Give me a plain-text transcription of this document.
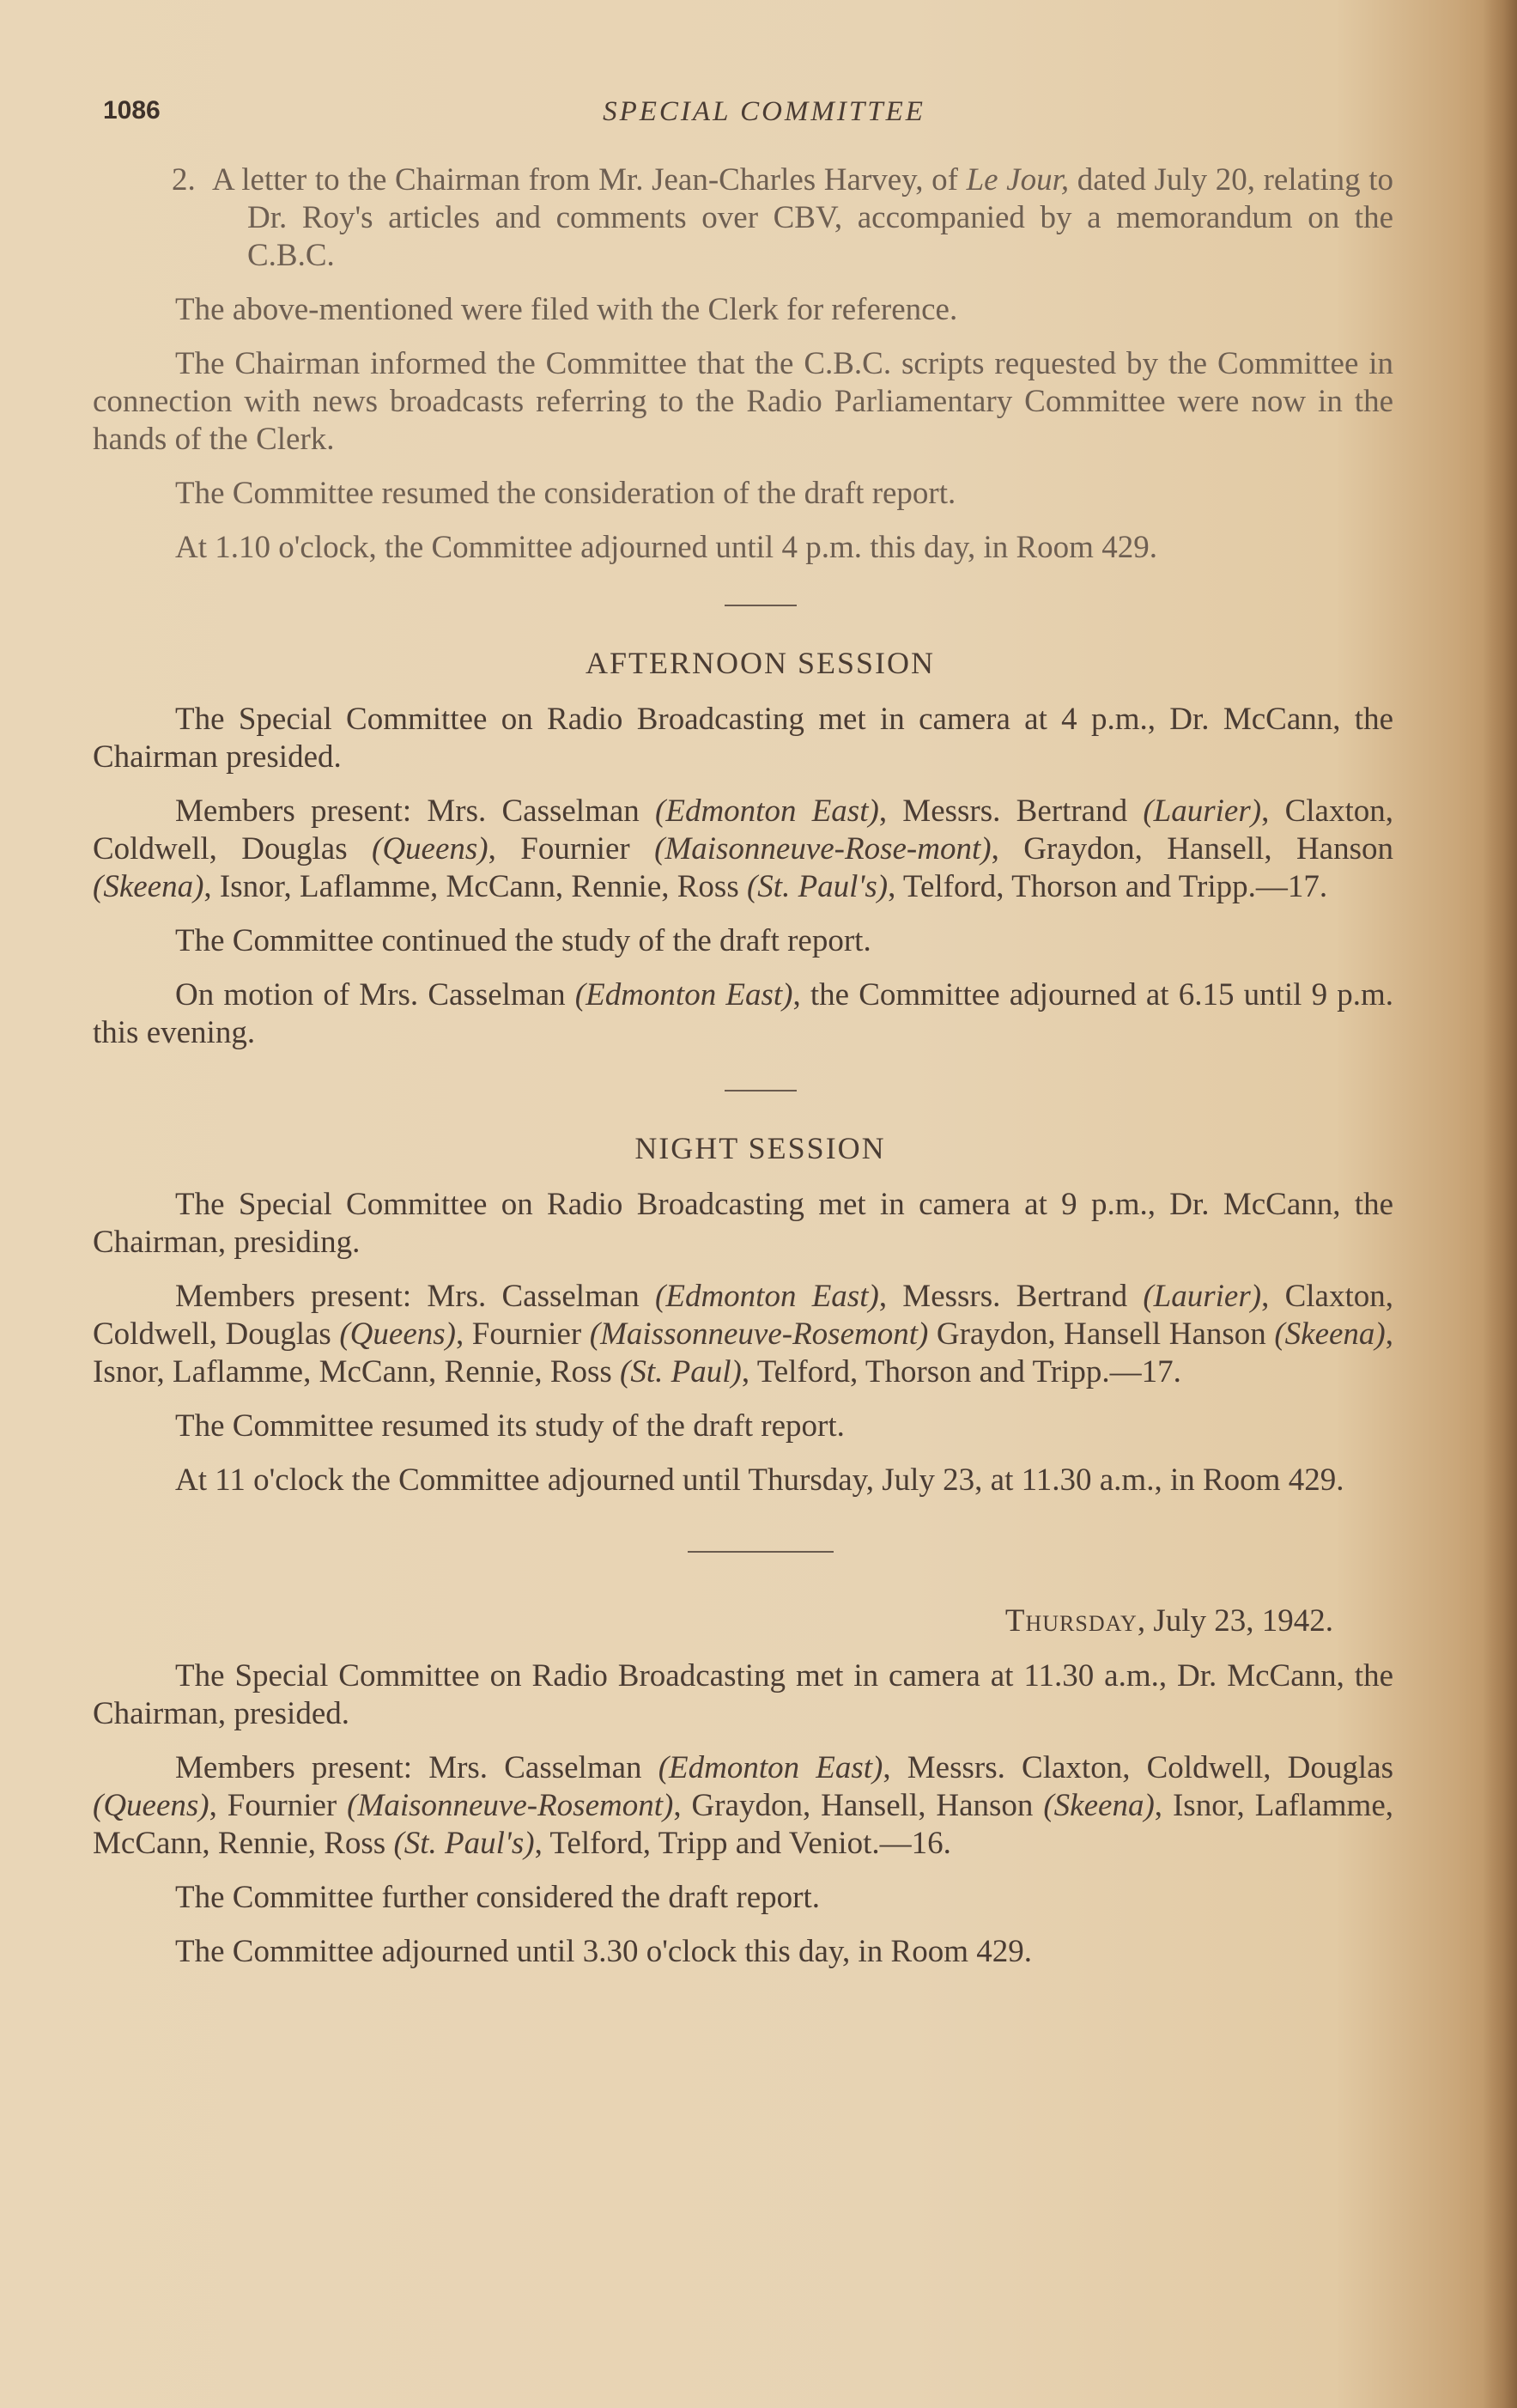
1086	SPECIAL COMMITTEE

2. A letter to the Chairman from Mr. Jean-Charles Harvey, of Le Jour, dated July 20, relating to Dr. Roy's articles and comments over CBV, accompanied by a memorandum on the C.B.C.

The above-mentioned were filed with the Clerk for reference.

The Chairman informed the Committee that the C.B.C. scripts requested by the Committee in connection with news broadcasts referring to the Radio Parliamentary Committee were now in the hands of the Clerk.

The Committee resumed the consideration of the draft report.

At 1.10 o'clock, the Committee adjourned until 4 p.m. this day, in Room 429.

AFTERNOON SESSION

The Special Committee on Radio Broadcasting met in camera at 4 p.m., Dr. McCann, the Chairman presided.

Members present: Mrs. Casselman (Edmonton East), Messrs. Bertrand (Laurier), Claxton, Coldwell, Douglas (Queens), Fournier (Maisonneuve-Rose-mont), Graydon, Hansell, Hanson (Skeena), Isnor, Laflamme, McCann, Rennie, Ross (St. Paul's), Telford, Thorson and Tripp.—17.

The Committee continued the study of the draft report.

On motion of Mrs. Casselman (Edmonton East), the Committee adjourned at 6.15 until 9 p.m. this evening.

NIGHT SESSION

The Special Committee on Radio Broadcasting met in camera at 9 p.m., Dr. McCann, the Chairman, presiding.

Members present: Mrs. Casselman (Edmonton East), Messrs. Bertrand (Laurier), Claxton, Coldwell, Douglas (Queens), Fournier (Maissonneuve-Rosemont) Graydon, Hansell Hanson (Skeena), Isnor, Laflamme, McCann, Rennie, Ross (St. Paul), Telford, Thorson and Tripp.—17.

The Committee resumed its study of the draft report.

At 11 o'clock the Committee adjourned until Thursday, July 23, at 11.30 a.m., in Room 429.

Thursday, July 23, 1942.

The Special Committee on Radio Broadcasting met in camera at 11.30 a.m., Dr. McCann, the Chairman, presided.

Members present: Mrs. Casselman (Edmonton East), Messrs. Claxton, Coldwell, Douglas (Queens), Fournier (Maisonneuve-Rosemont), Graydon, Hansell, Hanson (Skeena), Isnor, Laflamme, McCann, Rennie, Ross (St. Paul's), Telford, Tripp and Veniot.—16.

The Committee further considered the draft report.

The Committee adjourned until 3.30 o'clock this day, in Room 429.
